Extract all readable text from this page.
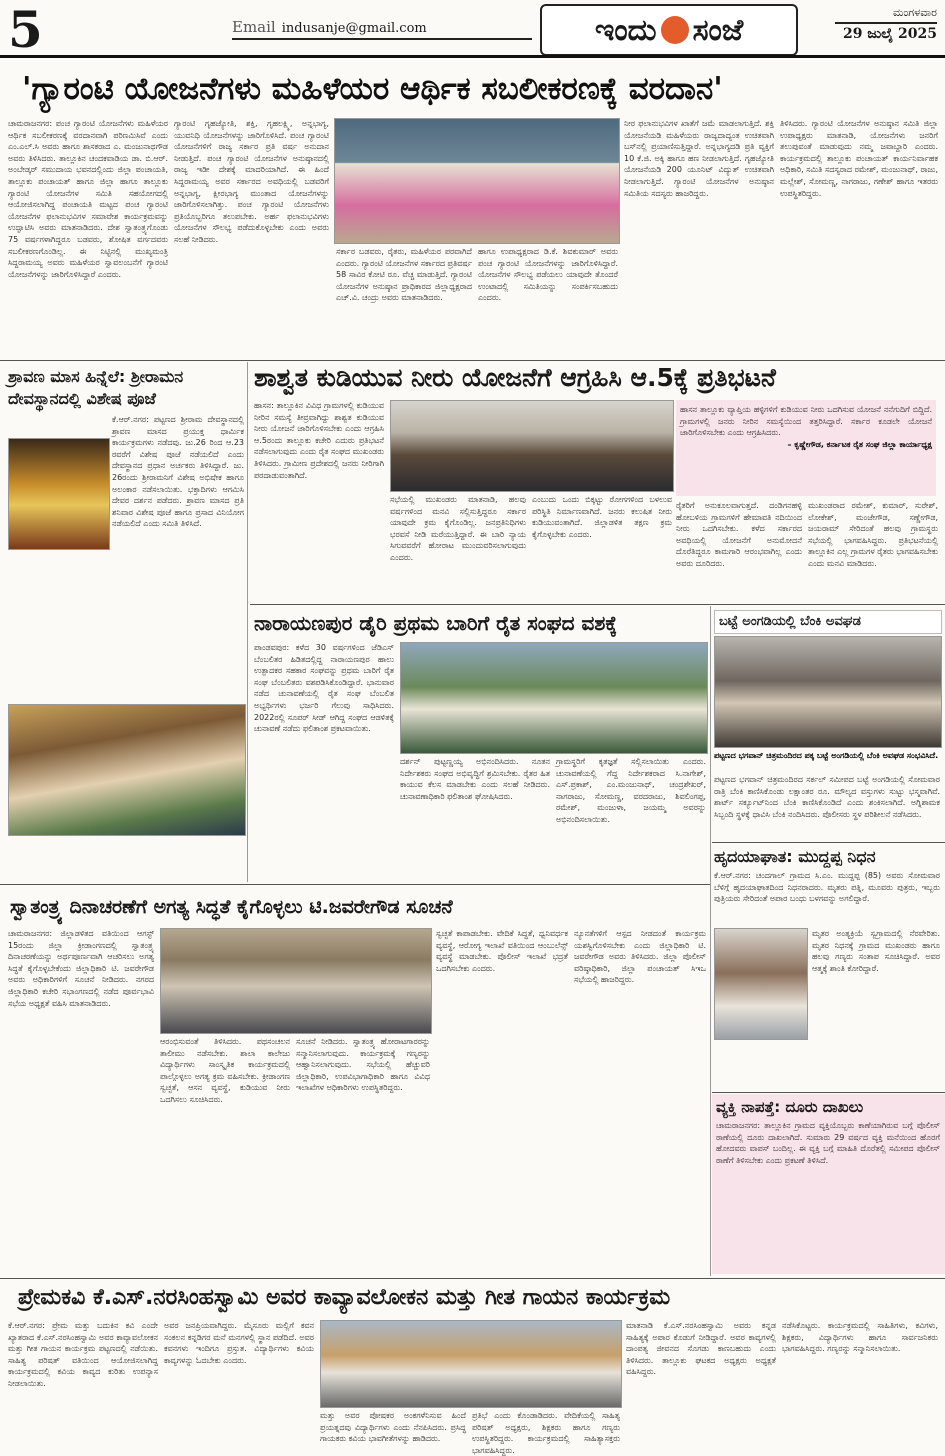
5	Email indusanje@gmail.com	ಇಂದು ಸಂಜೆ	ಮಂಗಳವಾರ
29 ಜುಲೈ 2025
'ಗ್ಯಾರಂಟಿ ಯೋಜನೆಗಳು ಮಹಿಳೆಯರ ಆರ್ಥಿಕ ಸಬಲೀಕರಣಕ್ಕೆ ವರದಾನ'
ಚಾಮರಾಜನಗರ: ಪಂಚ ಗ್ಯಾರಂಟಿ ಯೋಜನೆಗಳು ಮಹಿಳೆಯರ ಆರ್ಥಿಕ ಸಬಲೀಕರಣಕ್ಕೆ ವರದಾನವಾಗಿ ಪರಿಣಮಿಸಿವೆ ಎಂದು ಎಂ.ಎಲ್.ಸಿ ಅವರು ಹಾಗೂ ಶಾಸಕರಾದ ಎ. ಮಂಜುನಾಥಗೌಡ ಅವರು ತಿಳಿಸಿದರು. ತಾಲ್ಲೂಕಿನ ಚಂದಕವಾಡಿಯ ಡಾ. ಬಿ.ಆರ್. ಅಂಬೇಡ್ಕರ್ ಸಮುದಾಯ ಭವನದಲ್ಲಿಂದು ಜಿಲ್ಲಾ ಪಂಚಾಯತಿ, ತಾಲ್ಲೂಕು ಪಂಚಾಯತ್ ಹಾಗೂ ಜಿಲ್ಲಾ ಹಾಗೂ ತಾಲ್ಲೂಕು ಗ್ಯಾರಂಟಿ ಯೋಜನೆಗಳ ಸಮಿತಿ ಸಹಯೋಗದಲ್ಲಿ ಆಯೋಜಿಸಲಾಗಿದ್ದ ಪಂಚಾಯತಿ ಮಟ್ಟದ ಪಂಚ ಗ್ಯಾರಂಟಿ ಯೋಜನೆಗಳ ಫಲಾನುಭವಿಗಳ ಸಮಾವೇಶ ಕಾರ್ಯಕ್ರಮವನ್ನು ಉದ್ಘಾಟಿಸಿ ಅವರು ಮಾತನಾಡಿದರು. ದೇಶ ಸ್ವಾತಂತ್ರ್ಯಗೊಂಡು 75 ವರ್ಷಗಳಾಗಿದ್ದರೂ ಬಡವರು, ಶೋಷಿತ ವರ್ಗದವರು ಸಬಲೀಕರಣಗೊಂಡಿಲ್ಲ. ಈ ನಿಟ್ಟಿನಲ್ಲಿ ಮುಖ್ಯಮಂತ್ರಿ ಸಿದ್ದರಾಮಯ್ಯ ಅವರು ಮಹಿಳೆಯರ ಸ್ವಾವಲಂಬನೆಗೆ ಗ್ಯಾರಂಟಿ ಯೋಜನೆಗಳನ್ನು ಜಾರಿಗೊಳಿಸಿದ್ದಾರೆ ಎಂದರು.
ಗ್ಯಾರಂಟಿ ಗೃಹಜ್ಯೋತಿ, ಶಕ್ತಿ, ಗೃಹಲಕ್ಷ್ಮಿ, ಅನ್ನಭಾಗ್ಯ, ಯುವನಿಧಿ ಯೋಜನೆಗಳನ್ನು ಜಾರಿಗೊಳಿಸಿದೆ. ಪಂಚ ಗ್ಯಾರಂಟಿ ಯೋಜನೆಗಳಿಗೆ ರಾಜ್ಯ ಸರ್ಕಾರ ಪ್ರತಿ ವರ್ಷ ಅನುದಾನ ನೀಡುತ್ತಿದೆ. ಪಂಚ ಗ್ಯಾರಂಟಿ ಯೋಜನೆಗಳ ಅನುಷ್ಠಾನದಲ್ಲಿ ರಾಜ್ಯ ಇಡೀ ದೇಶಕ್ಕೆ ಮಾದರಿಯಾಗಿದೆ. ಈ ಹಿಂದೆ ಸಿದ್ದರಾಮಯ್ಯ ಅವರ ಸರ್ಕಾರದ ಅವಧಿಯಲ್ಲಿ ಬಡವರಿಗೆ ಅನ್ನಭಾಗ್ಯ, ಕ್ಷೀರಭಾಗ್ಯ ಮುಂತಾದ ಯೋಜನೆಗಳನ್ನು ಜಾರಿಗೊಳಿಸಲಾಗಿತ್ತು. ಪಂಚ ಗ್ಯಾರಂಟಿ ಯೋಜನೆಗಳು ಪ್ರತಿಯೊಬ್ಬರಿಗೂ ತಲುಪಬೇಕು. ಅರ್ಹ ಫಲಾನುಭವಿಗಳು ಯೋಜನೆಗಳ ಸೌಲಭ್ಯ ಪಡೆದುಕೊಳ್ಳಬೇಕು ಎಂದು ಅವರು ಸಲಹೆ ನೀಡಿದರು.
ಸರ್ಕಾರ ಬಡವರು, ರೈತರು, ಮಹಿಳೆಯರ ಪರವಾಗಿದೆ ಎಂದರು. ಗ್ಯಾರಂಟಿ ಯೋಜನೆಗಳ ಸರ್ಕಾರದ ಪ್ರತಿವರ್ಷ 58 ಸಾವಿರ ಕೋಟಿ ರೂ. ವೆಚ್ಚ ಮಾಡುತ್ತಿದೆ. ಗ್ಯಾರಂಟಿ ಯೋಜನೆಗಳ ಅನುಷ್ಠಾನ ಪ್ರಾಧಿಕಾರದ ಜಿಲ್ಲಾಧ್ಯಕ್ಷರಾದ ಎಚ್.ವಿ. ಚಂದ್ರು ಅವರು ಮಾತನಾಡಿದರು.
ಹಾಗೂ ಉಪಾಧ್ಯಕ್ಷರಾದ ಡಿ.ಕೆ. ಶಿವಕುಮಾರ್ ಅವರು ಪಂಚ ಗ್ಯಾರಂಟಿ ಯೋಜನೆಗಳನ್ನು ಜಾರಿಗೊಳಿಸಿದ್ದಾರೆ. ಯೋಜನೆಗಳ ಸೌಲಭ್ಯ ಪಡೆಯಲು ಯಾವುದೇ ತೊಂದರೆ ಉಂಟಾದಲ್ಲಿ ಸಮಿತಿಯನ್ನು ಸಂಪರ್ಕಿಸಬಹುದು ಎಂದರು.
ನೀರ ಫಲಾನುಭವಿಗಳ ಖಾತೆಗೆ ಜಮೆ ಮಾಡಲಾಗುತ್ತಿದೆ. ಶಕ್ತಿ ಯೋಜನೆಯಡಿ ಮಹಿಳೆಯರು ರಾಜ್ಯದಾದ್ಯಂತ ಉಚಿತವಾಗಿ ಬಸ್‌ನಲ್ಲಿ ಪ್ರಯಾಣಿಸುತ್ತಿದ್ದಾರೆ. ಅನ್ನಭಾಗ್ಯದಡಿ ಪ್ರತಿ ವ್ಯಕ್ತಿಗೆ 10 ಕೆ.ಜಿ. ಅಕ್ಕಿ ಹಾಗೂ ಹಣ ನೀಡಲಾಗುತ್ತಿದೆ. ಗೃಹಜ್ಯೋತಿ ಯೋಜನೆಯಡಿ 200 ಯೂನಿಟ್ ವಿದ್ಯುತ್ ಉಚಿತವಾಗಿ ನೀಡಲಾಗುತ್ತಿದೆ. ಗ್ಯಾರಂಟಿ ಯೋಜನೆಗಳ ಅನುಷ್ಠಾನ ಸಮಿತಿಯ ಸದಸ್ಯರು ಹಾಜರಿದ್ದರು.
ತಿಳಿಸಿದರು. ಗ್ಯಾರಂಟಿ ಯೋಜನೆಗಳ ಅನುಷ್ಠಾನ ಸಮಿತಿ ಜಿಲ್ಲಾ ಉಪಾಧ್ಯಕ್ಷರು ಮಾತನಾಡಿ, ಯೋಜನೆಗಳು ಜನರಿಗೆ ತಲುಪುವಂತೆ ಮಾಡುವುದು ನಮ್ಮ ಜವಾಬ್ದಾರಿ ಎಂದರು. ಕಾರ್ಯಕ್ರಮದಲ್ಲಿ ತಾಲ್ಲೂಕು ಪಂಚಾಯತ್ ಕಾರ್ಯನಿರ್ವಾಹಕ ಅಧಿಕಾರಿ, ಸಮಿತಿ ಸದಸ್ಯರಾದ ರಮೇಶ್, ಮಂಜುನಾಥ್, ರಾಜು, ಮಲ್ಲೇಶ್, ಸೋಮಣ್ಣ, ನಾಗರಾಜು, ಗಣೇಶ್ ಹಾಗೂ ಇತರರು ಉಪಸ್ಥಿತರಿದ್ದರು.
ಶ್ರಾವಣ ಮಾಸ ಹಿನ್ನೆಲೆ: ಶ್ರೀರಾಮನ ದೇವಸ್ಥಾನದಲ್ಲಿ ವಿಶೇಷ ಪೂಜೆ
ಕೆ.ಆರ್.ನಗರ: ಪಟ್ಟಣದ ಶ್ರೀರಾಮ ದೇವಸ್ಥಾನದಲ್ಲಿ ಶ್ರಾವಣ ಮಾಸದ ಪ್ರಯುಕ್ತ ಧಾರ್ಮಿಕ ಕಾರ್ಯಕ್ರಮಗಳು ನಡೆದವು. ಜು.26 ರಿಂದ ಆ.23 ರವರೆಗೆ ವಿಶೇಷ ಪೂಜೆ ನಡೆಯಲಿದೆ ಎಂದು ದೇವಸ್ಥಾನದ ಪ್ರಧಾನ ಅರ್ಚಕರು ತಿಳಿಸಿದ್ದಾರೆ. ಜು. 26ರಂದು ಶ್ರೀರಾಮನಿಗೆ ವಿಶೇಷ ಅಭಿಷೇಕ ಹಾಗೂ ಅಲಂಕಾರ ನಡೆಸಲಾಯಿತು. ಭಕ್ತಾದಿಗಳು ಆಗಮಿಸಿ ದೇವರ ದರ್ಶನ ಪಡೆದರು. ಶ್ರಾವಣ ಮಾಸದ ಪ್ರತಿ ಶನಿವಾರ ವಿಶೇಷ ಪೂಜೆ ಹಾಗೂ ಪ್ರಸಾದ ವಿನಿಯೋಗ ನಡೆಯಲಿದೆ ಎಂದು ಸಮಿತಿ ತಿಳಿಸಿದೆ.
ಶಾಶ್ವತ ಕುಡಿಯುವ ನೀರು ಯೋಜನೆಗೆ ಆಗ್ರಹಿಸಿ ಆ.5ಕ್ಕೆ ಪ್ರತಿಭಟನೆ
ಹಾಸನ: ತಾಲ್ಲೂಕಿನ ವಿವಿಧ ಗ್ರಾಮಗಳಲ್ಲಿ ಕುಡಿಯುವ ನೀರಿನ ಸಮಸ್ಯೆ ತೀವ್ರವಾಗಿದ್ದು ಶಾಶ್ವತ ಕುಡಿಯುವ ನೀರು ಯೋಜನೆ ಜಾರಿಗೊಳಿಸಬೇಕು ಎಂದು ಆಗ್ರಹಿಸಿ ಆ.5ರಂದು ತಾಲ್ಲೂಕು ಕಚೇರಿ ಎದುರು ಪ್ರತಿಭಟನೆ ನಡೆಸಲಾಗುವುದು ಎಂದು ರೈತ ಸಂಘದ ಮುಖಂಡರು ತಿಳಿಸಿದರು. ಗ್ರಾಮೀಣ ಪ್ರದೇಶದಲ್ಲಿ ಜನರು ನೀರಿಗಾಗಿ ಪರದಾಡುವಂತಾಗಿದೆ.
ಸಭೆಯಲ್ಲಿ ಮುಖಂಡರು ಮಾತನಾಡಿ, ಹಲವು ವರ್ಷಗಳಿಂದ ಮನವಿ ಸಲ್ಲಿಸುತ್ತಿದ್ದರೂ ಸರ್ಕಾರ ಯಾವುದೇ ಕ್ರಮ ಕೈಗೊಂಡಿಲ್ಲ. ಜನಪ್ರತಿನಿಧಿಗಳು ಭರವಸೆ ನೀಡಿ ಮರೆಯುತ್ತಿದ್ದಾರೆ. ಈ ಬಾರಿ ನ್ಯಾಯ ಸಿಗುವವರೆಗೆ ಹೋರಾಟ ಮುಂದುವರಿಸಲಾಗುವುದು ಎಂದರು.
ಎಂಬುದು ಒಂದು ಬಿಕ್ಕಟ್ಟು ರೋಗಗಳಿಂದ ಬಳಲುವ ಪರಿಸ್ಥಿತಿ ನಿರ್ಮಾಣವಾಗಿದೆ. ಜನರು ಕಲುಷಿತ ನೀರು ಕುಡಿಯುವಂತಾಗಿದೆ. ಜಿಲ್ಲಾಡಳಿತ ತಕ್ಷಣ ಕ್ರಮ ಕೈಗೊಳ್ಳಬೇಕು ಎಂದರು.
ಹಾಸನ ತಾಲ್ಲೂಕು ವ್ಯಾಪ್ತಿಯ ಹಳ್ಳಿಗಳಿಗೆ ಕುಡಿಯುವ ನೀರು ಒದಗಿಸುವ ಯೋಜನೆ ನನೆಗುದಿಗೆ ಬಿದ್ದಿದೆ. ಗ್ರಾಮಗಳಲ್ಲಿ ಜನರು ನೀರಿನ ಸಮಸ್ಯೆಯಿಂದ ತತ್ತರಿಸಿದ್ದಾರೆ. ಸರ್ಕಾರ ಕೂಡಲೇ ಯೋಜನೆ ಜಾರಿಗೊಳಿಸಬೇಕು ಎಂದು ಆಗ್ರಹಿಸಿದರು.
– ಕೃಷ್ಣೇಗೌಡ, ಕರ್ನಾಟಕ ರೈತ ಸಂಘ ಜಿಲ್ಲಾ ಕಾರ್ಯಾಧ್ಯಕ್ಷ
ರೈತರಿಗೆ ಅನುಕೂಲವಾಗುತ್ತದೆ. ದಂಡಿಗನಹಳ್ಳಿ ಹೋಬಳಿಯ ಗ್ರಾಮಗಳಿಗೆ ಹೇಮಾವತಿ ನದಿಯಿಂದ ನೀರು ಒದಗಿಸಬೇಕು. ಕಳೆದ ಸರ್ಕಾರದ ಅವಧಿಯಲ್ಲಿ ಯೋಜನೆಗೆ ಅನುಮೋದನೆ ದೊರೆತಿದ್ದರೂ ಕಾಮಗಾರಿ ಆರಂಭವಾಗಿಲ್ಲ ಎಂದು ಅವರು ದೂರಿದರು.
ಮುಖಂಡರಾದ ರಮೇಶ್, ಕುಮಾರ್, ಸುರೇಶ್, ಲೋಕೇಶ್, ಮಂಜೇಗೌಡ, ಸಣ್ಣೇಗೌಡ, ಜಯರಾಮ್ ಸೇರಿದಂತೆ ಹಲವು ಗ್ರಾಮಸ್ಥರು ಸಭೆಯಲ್ಲಿ ಭಾಗವಹಿಸಿದ್ದರು. ಪ್ರತಿಭಟನೆಯಲ್ಲಿ ತಾಲ್ಲೂಕಿನ ಎಲ್ಲ ಗ್ರಾಮಗಳ ರೈತರು ಭಾಗವಹಿಸಬೇಕು ಎಂದು ಮನವಿ ಮಾಡಿದರು.
ನಾರಾಯಣಪುರ ಡೈರಿ ಪ್ರಥಮ ಬಾರಿಗೆ ರೈತ ಸಂಘದ ವಶಕ್ಕೆ
ಪಾಂಡವಪುರ: ಕಳೆದ 30 ವರ್ಷಗಳಿಂದ ಜೆಡಿಎಸ್ ಬೆಂಬಲಿತರ ಹಿಡಿತದಲ್ಲಿದ್ದ ನಾರಾಯಣಪುರ ಹಾಲು ಉತ್ಪಾದಕರ ಸಹಕಾರ ಸಂಘವನ್ನು ಪ್ರಥಮ ಬಾರಿಗೆ ರೈತ ಸಂಘ ಬೆಂಬಲಿತರು ವಶಪಡಿಸಿಕೊಂಡಿದ್ದಾರೆ. ಭಾನುವಾರ ನಡೆದ ಚುನಾವಣೆಯಲ್ಲಿ ರೈತ ಸಂಘ ಬೆಂಬಲಿತ ಅಭ್ಯರ್ಥಿಗಳು ಭರ್ಜರಿ ಗೆಲುವು ಸಾಧಿಸಿದರು. 2022ರಲ್ಲಿ ಸೂಪರ್ ಸೀಡ್ ಆಗಿದ್ದ ಸಂಘದ ಆಡಳಿತಕ್ಕೆ ಚುನಾವಣೆ ನಡೆದು ಫಲಿತಾಂಶ ಪ್ರಕಟವಾಯಿತು.
ದರ್ಶನ್ ಪುಟ್ಟಣ್ಣಯ್ಯ ಅಭಿನಂದಿಸಿದರು. ನೂತನ ನಿರ್ದೇಶಕರು ಸಂಘದ ಅಭಿವೃದ್ಧಿಗೆ ಶ್ರಮಿಸಬೇಕು. ರೈತರ ಹಿತ ಕಾಯುವ ಕೆಲಸ ಮಾಡಬೇಕು ಎಂದು ಸಲಹೆ ನೀಡಿದರು. ಚುನಾವಣಾಧಿಕಾರಿ ಫಲಿತಾಂಶ ಘೋಷಿಸಿದರು.
ಗ್ರಾಮಸ್ಥರಿಗೆ ಕೃತಜ್ಞತೆ ಸಲ್ಲಿಸಲಾಯಿತು ಎಂದರು. ಚುನಾವಣೆಯಲ್ಲಿ ಗೆದ್ದ ನಿರ್ದೇಶಕರಾದ ಸಿ.ನಾಗೇಶ್, ಎಸ್.ಪ್ರಕಾಶ್, ಎಂ.ಮಂಜುನಾಥ್, ಚಂದ್ರಶೇಖರ್, ನಾಗರಾಜು, ಸೋಮಣ್ಣ, ವರದರಾಜು, ಶಿವಲಿಂಗಪ್ಪ, ರಮೇಶ್, ಮಂಜುಳಾ, ಜಯಮ್ಮ ಅವರನ್ನು ಅಭಿನಂದಿಸಲಾಯಿತು.
ಬಟ್ಟೆ ಅಂಗಡಿಯಲ್ಲಿ ಬೆಂಕಿ ಅವಘಡ
ಪಟ್ಟಣದ ಭಗವಾನ್ ಚಿತ್ರಮಂದಿರದ ಪಕ್ಕ ಬಟ್ಟೆ ಅಂಗಡಿಯಲ್ಲಿ ಬೆಂಕಿ ಅವಘಡ ಸಂಭವಿಸಿದೆ.
ಪಟ್ಟಣದ ಭಗವಾನ್ ಚಿತ್ರಮಂದಿರದ ಸರ್ಕಲ್ ಸಮೀಪದ ಬಟ್ಟೆ ಅಂಗಡಿಯಲ್ಲಿ ಸೋಮವಾರ ರಾತ್ರಿ ಬೆಂಕಿ ಕಾಣಿಸಿಕೊಂಡು ಲಕ್ಷಾಂತರ ರೂ. ಮೌಲ್ಯದ ವಸ್ತುಗಳು ಸುಟ್ಟು ಭಸ್ಮವಾಗಿವೆ. ಶಾರ್ಟ್ ಸರ್ಕ್ಯೂಟ್‌ನಿಂದ ಬೆಂಕಿ ಕಾಣಿಸಿಕೊಂಡಿದೆ ಎಂದು ಶಂಕಿಸಲಾಗಿದೆ. ಅಗ್ನಿಶಾಮಕ ಸಿಬ್ಬಂದಿ ಸ್ಥಳಕ್ಕೆ ಧಾವಿಸಿ ಬೆಂಕಿ ನಂದಿಸಿದರು. ಪೊಲೀಸರು ಸ್ಥಳ ಪರಿಶೀಲನೆ ನಡೆಸಿದರು.
ಹೃದಯಾಘಾತ: ಮುದ್ದಪ್ಪ ನಿಧನ
ಕೆ.ಆರ್.ನಗರ: ಚಂದಗಾಲ್ ಗ್ರಾಮದ ಸಿ.ಎಂ. ಮುದ್ದಪ್ಪ (85) ಅವರು ಸೋಮವಾರ ಬೆಳಿಗ್ಗೆ ಹೃದಯಾಘಾತದಿಂದ ನಿಧನರಾದರು. ಮೃತರು ಪತ್ನಿ, ಮೂವರು ಪುತ್ರರು, ಇಬ್ಬರು ಪುತ್ರಿಯರು ಸೇರಿದಂತೆ ಅಪಾರ ಬಂಧು ಬಳಗವನ್ನು ಅಗಲಿದ್ದಾರೆ.
ಮೃತರ ಅಂತ್ಯಕ್ರಿಯೆ ಸ್ವಗ್ರಾಮದಲ್ಲಿ ನೆರವೇರಿತು. ಮೃತರ ನಿಧನಕ್ಕೆ ಗ್ರಾಮದ ಮುಖಂಡರು ಹಾಗೂ ಹಲವು ಗಣ್ಯರು ಸಂತಾಪ ಸೂಚಿಸಿದ್ದಾರೆ. ಅವರ ಆತ್ಮಕ್ಕೆ ಶಾಂತಿ ಕೋರಿದ್ದಾರೆ.
ವ್ಯಕ್ತಿ ನಾಪತ್ತೆ: ದೂರು ದಾಖಲು
ಚಾಮರಾಜನಗರ: ತಾಲ್ಲೂಕಿನ ಗ್ರಾಮದ ವ್ಯಕ್ತಿಯೊಬ್ಬರು ಕಾಣೆಯಾಗಿರುವ ಬಗ್ಗೆ ಪೊಲೀಸ್ ಠಾಣೆಯಲ್ಲಿ ದೂರು ದಾಖಲಾಗಿದೆ. ಸುಮಾರು 29 ವರ್ಷದ ವ್ಯಕ್ತಿ ಮನೆಯಿಂದ ಹೊರಗೆ ಹೋದವರು ವಾಪಸ್ ಬಂದಿಲ್ಲ. ಈ ವ್ಯಕ್ತಿ ಬಗ್ಗೆ ಮಾಹಿತಿ ದೊರೆತಲ್ಲಿ ಸಮೀಪದ ಪೊಲೀಸ್ ಠಾಣೆಗೆ ತಿಳಿಸಬೇಕು ಎಂದು ಪ್ರಕಟಣೆ ತಿಳಿಸಿದೆ.
ಸ್ವಾತಂತ್ರ್ಯ ದಿನಾಚರಣೆಗೆ ಅಗತ್ಯ ಸಿದ್ಧತೆ ಕೈಗೊಳ್ಳಲು ಟಿ.ಜವರೇಗೌಡ ಸೂಚನೆ
ಚಾಮರಾಜನಗರ: ಜಿಲ್ಲಾಡಳಿತದ ವತಿಯಿಂದ ಆಗಸ್ಟ್ 15ರಂದು ಜಿಲ್ಲಾ ಕ್ರೀಡಾಂಗಣದಲ್ಲಿ ಸ್ವಾತಂತ್ರ್ಯ ದಿನಾಚರಣೆಯನ್ನು ಅರ್ಥಪೂರ್ಣವಾಗಿ ಆಚರಿಸಲು ಅಗತ್ಯ ಸಿದ್ಧತೆ ಕೈಗೊಳ್ಳಬೇಕೆಂದು ಜಿಲ್ಲಾಧಿಕಾರಿ ಟಿ. ಜವರೇಗೌಡ ಅವರು ಅಧಿಕಾರಿಗಳಿಗೆ ಸೂಚನೆ ನೀಡಿದರು. ನಗರದ ಜಿಲ್ಲಾಧಿಕಾರಿ ಕಚೇರಿ ಸಭಾಂಗಣದಲ್ಲಿ ನಡೆದ ಪೂರ್ವಭಾವಿ ಸಭೆಯ ಅಧ್ಯಕ್ಷತೆ ವಹಿಸಿ ಮಾತನಾಡಿದರು.
ಆರಂಭಿಸುವಂತೆ ತಿಳಿಸಿದರು. ಪಥಸಂಚಲನ ತಾಲೀಮು ನಡೆಸಬೇಕು. ಶಾಲಾ ಕಾಲೇಜು ವಿದ್ಯಾರ್ಥಿಗಳು ಸಾಂಸ್ಕೃತಿಕ ಕಾರ್ಯಕ್ರಮದಲ್ಲಿ ಪಾಲ್ಗೊಳ್ಳಲು ಅಗತ್ಯ ಕ್ರಮ ವಹಿಸಬೇಕು. ಕ್ರೀಡಾಂಗಣ ಸ್ವಚ್ಛತೆ, ಆಸನ ವ್ಯವಸ್ಥೆ, ಕುಡಿಯುವ ನೀರು ಒದಗಿಸಲು ಸೂಚಿಸಿದರು.
ಸೂಚನೆ ನೀಡಿದರು. ಸ್ವಾತಂತ್ರ್ಯ ಹೋರಾಟಗಾರರನ್ನು ಸನ್ಮಾನಿಸಲಾಗುವುದು. ಕಾರ್ಯಕ್ರಮಕ್ಕೆ ಗಣ್ಯರನ್ನು ಆಹ್ವಾನಿಸಲಾಗುವುದು. ಸಭೆಯಲ್ಲಿ ಹೆಚ್ಚುವರಿ ಜಿಲ್ಲಾಧಿಕಾರಿ, ಉಪವಿಭಾಗಾಧಿಕಾರಿ ಹಾಗೂ ವಿವಿಧ ಇಲಾಖೆಗಳ ಅಧಿಕಾರಿಗಳು ಉಪಸ್ಥಿತರಿದ್ದರು.
ಸ್ವಚ್ಛತೆ ಕಾಪಾಡಬೇಕು. ವೇದಿಕೆ ಸಿದ್ಧತೆ, ಧ್ವನಿವರ್ಧಕ ವ್ಯವಸ್ಥೆ, ಆರೋಗ್ಯ ಇಲಾಖೆ ವತಿಯಿಂದ ಆಂಬುಲೆನ್ಸ್ ವ್ಯವಸ್ಥೆ ಮಾಡಬೇಕು. ಪೊಲೀಸ್ ಇಲಾಖೆ ಭದ್ರತೆ ಒದಗಿಸಬೇಕು ಎಂದರು.
ನ್ಯೂನತೆಗಳಿಗೆ ಆಸ್ಪದ ನೀಡದಂತೆ ಕಾರ್ಯಕ್ರಮ ಯಶಸ್ವಿಗೊಳಿಸಬೇಕು ಎಂದು ಜಿಲ್ಲಾಧಿಕಾರಿ ಟಿ. ಜವರೇಗೌಡ ಅವರು ತಿಳಿಸಿದರು. ಜಿಲ್ಲಾ ಪೊಲೀಸ್ ವರಿಷ್ಠಾಧಿಕಾರಿ, ಜಿಲ್ಲಾ ಪಂಚಾಯತ್ ಸಿಇಒ ಸಭೆಯಲ್ಲಿ ಹಾಜರಿದ್ದರು.
ಪ್ರೇಮಕವಿ ಕೆ.ಎಸ್.ನರಸಿಂಹಸ್ವಾಮಿ ಅವರ ಕಾವ್ಯಾವಲೋಕನ ಮತ್ತು ಗೀತ ಗಾಯನ ಕಾರ್ಯಕ್ರಮ
ಕೆ.ಆರ್.ನಗರ: ಪ್ರೇಮ ಮತ್ತು ಬದುಕಿನ ಕವಿ ಎಂದೇ ಖ್ಯಾತರಾದ ಕೆ.ಎಸ್.ನರಸಿಂಹಸ್ವಾಮಿ ಅವರ ಕಾವ್ಯಾವಲೋಕನ ಮತ್ತು ಗೀತ ಗಾಯನ ಕಾರ್ಯಕ್ರಮ ಪಟ್ಟಣದಲ್ಲಿ ನಡೆಯಿತು. ಸಾಹಿತ್ಯ ಪರಿಷತ್ ವತಿಯಿಂದ ಆಯೋಜಿಸಲಾಗಿದ್ದ ಕಾರ್ಯಕ್ರಮದಲ್ಲಿ ಕವಿಯ ಕಾವ್ಯದ ಕುರಿತು ಉಪನ್ಯಾಸ ನೀಡಲಾಯಿತು.
ಅವರ ಜನಪ್ರಿಯವಾಗಿದ್ದರು. ಮೈಸೂರು ಮಲ್ಲಿಗೆ ಕವನ ಸಂಕಲನ ಕನ್ನಡಿಗರ ಮನೆ ಮನಗಳಲ್ಲಿ ಸ್ಥಾನ ಪಡೆದಿದೆ. ಅವರ ಕವನಗಳು ಇಂದಿಗೂ ಪ್ರಸ್ತುತ. ವಿದ್ಯಾರ್ಥಿಗಳು ಕವಿಯ ಕಾವ್ಯಗಳನ್ನು ಓದಬೇಕು ಎಂದರು.
ಮತ್ತು ಅವರ ಪೋಷಕರ ಅಂಕಗಳೆನಿಸುವ ಹಿಂದೆ ಪ್ರಯತ್ನದವು ವಿದ್ಯಾರ್ಥಿಗಳು ಎಂದು ನೆನಪಿಸಿದರು. ಪ್ರಸಿದ್ಧ ಗಾಯಕರು ಕವಿಯ ಭಾವಗೀತೆಗಳನ್ನು ಹಾಡಿದರು.
ಪ್ರತಿಭೆ ಎಂದು ಕೊಂಡಾಡಿದರು. ವೇದಿಕೆಯಲ್ಲಿ ಸಾಹಿತ್ಯ ಪರಿಷತ್ ಅಧ್ಯಕ್ಷರು, ಶಿಕ್ಷಕರು ಹಾಗೂ ಗಣ್ಯರು ಉಪಸ್ಥಿತರಿದ್ದರು. ಕಾರ್ಯಕ್ರಮದಲ್ಲಿ ಸಾಹಿತ್ಯಾಸಕ್ತರು ಭಾಗವಹಿಸಿದ್ದರು.
ಮಾತನಾಡಿ ಕೆ.ಎಸ್.ನರಸಿಂಹಸ್ವಾಮಿ ಅವರು ಕನ್ನಡ ಸಾಹಿತ್ಯಕ್ಕೆ ಅಪಾರ ಕೊಡುಗೆ ನೀಡಿದ್ದಾರೆ. ಅವರ ಕಾವ್ಯಗಳಲ್ಲಿ ದಾಂಪತ್ಯ ಜೀವನದ ಸೊಗಡು ಕಾಣಬಹುದು ಎಂದು ತಿಳಿಸಿದರು. ತಾಲ್ಲೂಕು ಘಟಕದ ಅಧ್ಯಕ್ಷರು ಅಧ್ಯಕ್ಷತೆ ವಹಿಸಿದ್ದರು.
ನಡೆಸಿಕೊಟ್ಟರು. ಕಾರ್ಯಕ್ರಮದಲ್ಲಿ ಸಾಹಿತಿಗಳು, ಕವಿಗಳು, ಶಿಕ್ಷಕರು, ವಿದ್ಯಾರ್ಥಿಗಳು ಹಾಗೂ ಸಾರ್ವಜನಿಕರು ಭಾಗವಹಿಸಿದ್ದರು. ಗಣ್ಯರನ್ನು ಸನ್ಮಾನಿಸಲಾಯಿತು.
